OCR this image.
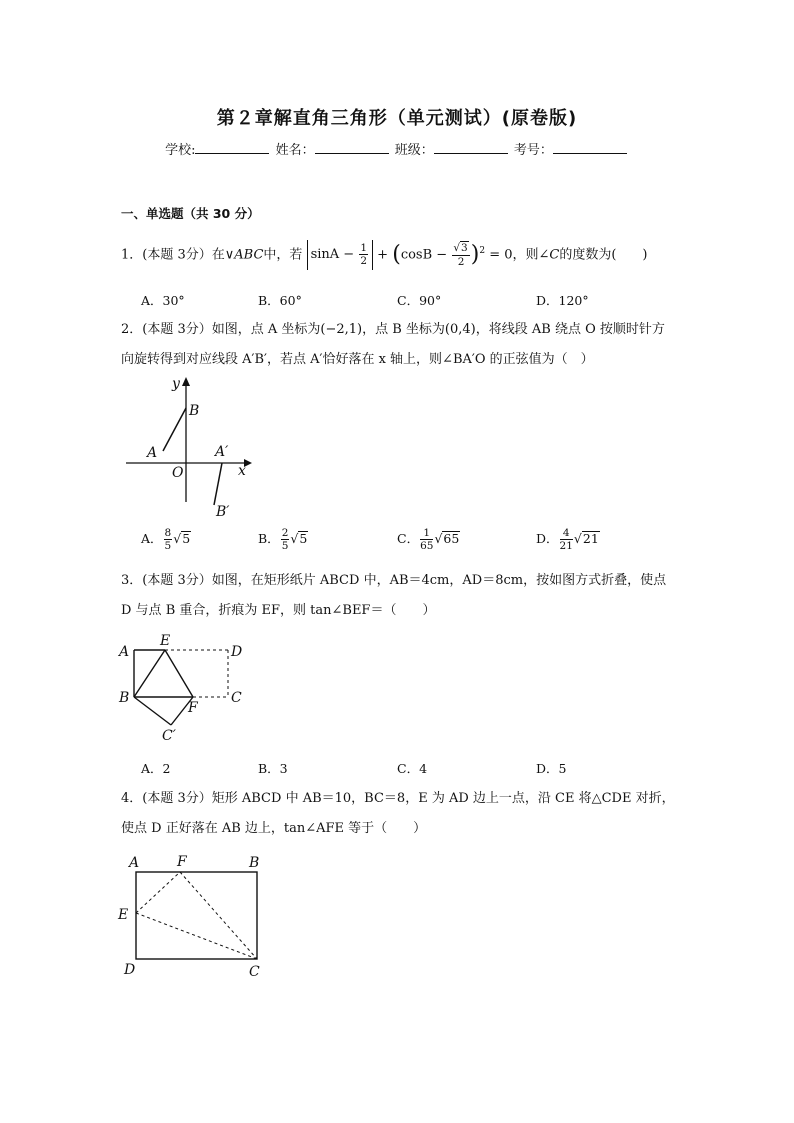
第２章解直角三角形（单元测试）(原卷版)
学校:	姓名：	班级：	考号：
一、单选题（共 30 分）
1．(本题 3分）在∨ABC中，若 $\sin A - \frac{1}{2} + (\cos B - \frac{√3}{2} )^2 = 0$，则∠C的度数为(　　)
A．30°	B．60°	C．90°	D．120°
2．(本题 3分）如图，点 A 坐标为(−2,1)，点 B 坐标为(0,4)，将线段 AB 绕点 O 按顺时针方
向旋转得到对应线段 A′B′，若点 A′恰好落在 x 轴上，则∠BA′O 的正弦值为（　）
y
x
B
A
O
A′
B′
A． $\frac{8}{5} √5$	B． $\frac{2}{5} √5$	C． $\frac{1}{65} √65$	D． $\frac{4}{21} √21$
3．(本题 3分）如图，在矩形纸片 ABCD 中，AB＝4cm，AD＝8cm，按如图方式折叠，使点
D 与点 B 重合，折痕为 EF，则 tan∠BEF＝（　　）
A
E
D
B
F
C
C′
A．2	B．3	C．4	D．5
4．(本题 3分）矩形 ABCD 中 AB＝10，BC＝8，E 为 AD 边上一点，沿 CE 将△CDE 对折，
使点 D 正好落在 AB 边上，tan∠AFE 等于（　　）
A	F	B
E
D	C
